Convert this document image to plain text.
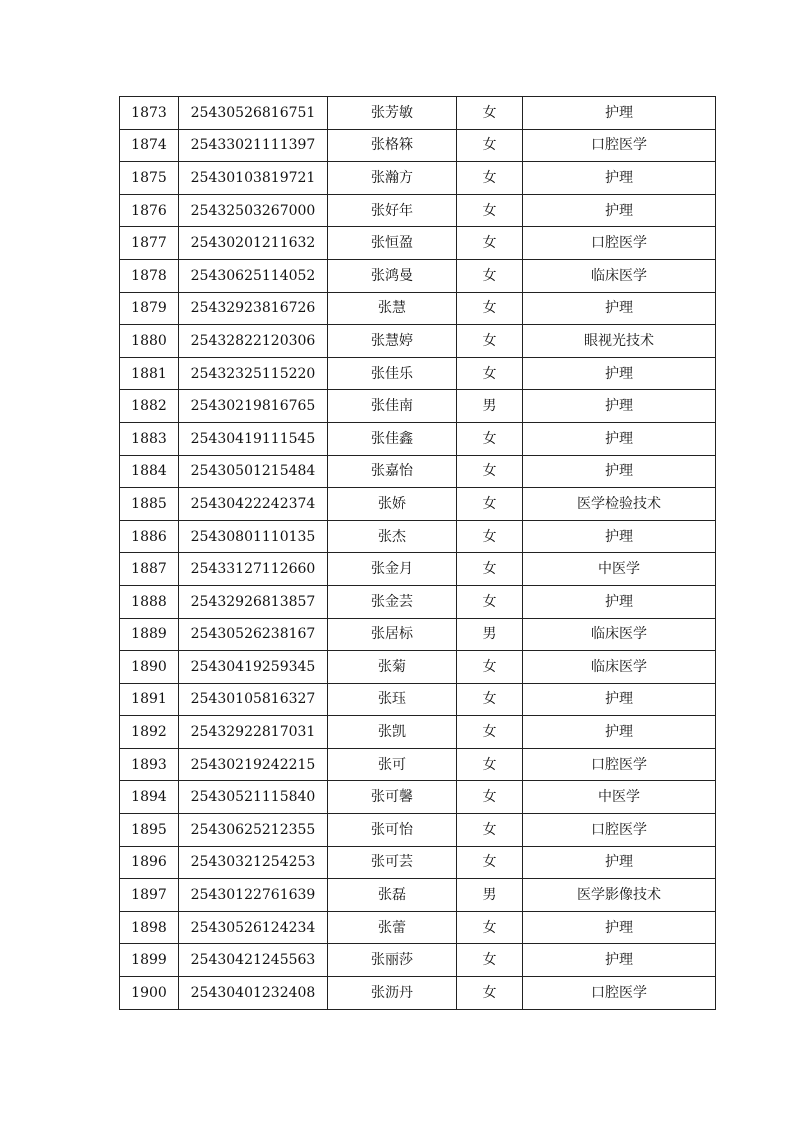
1873	25430526816751	张芳敏	女	护理
1874	25433021111397	张格箖	女	口腔医学
1875	25430103819721	张瀚方	女	护理
1876	25432503267000	张好年	女	护理
1877	25430201211632	张恒盈	女	口腔医学
1878	25430625114052	张鸿曼	女	临床医学
1879	25432923816726	张慧	女	护理
1880	25432822120306	张慧婷	女	眼视光技术
1881	25432325115220	张佳乐	女	护理
1882	25430219816765	张佳南	男	护理
1883	25430419111545	张佳鑫	女	护理
1884	25430501215484	张嘉怡	女	护理
1885	25430422242374	张娇	女	医学检验技术
1886	25430801110135	张杰	女	护理
1887	25433127112660	张金月	女	中医学
1888	25432926813857	张金芸	女	护理
1889	25430526238167	张居标	男	临床医学
1890	25430419259345	张菊	女	临床医学
1891	25430105816327	张珏	女	护理
1892	25432922817031	张凯	女	护理
1893	25430219242215	张可	女	口腔医学
1894	25430521115840	张可馨	女	中医学
1895	25430625212355	张可怡	女	口腔医学
1896	25430321254253	张可芸	女	护理
1897	25430122761639	张磊	男	医学影像技术
1898	25430526124234	张蕾	女	护理
1899	25430421245563	张丽莎	女	护理
1900	25430401232408	张沥丹	女	口腔医学
